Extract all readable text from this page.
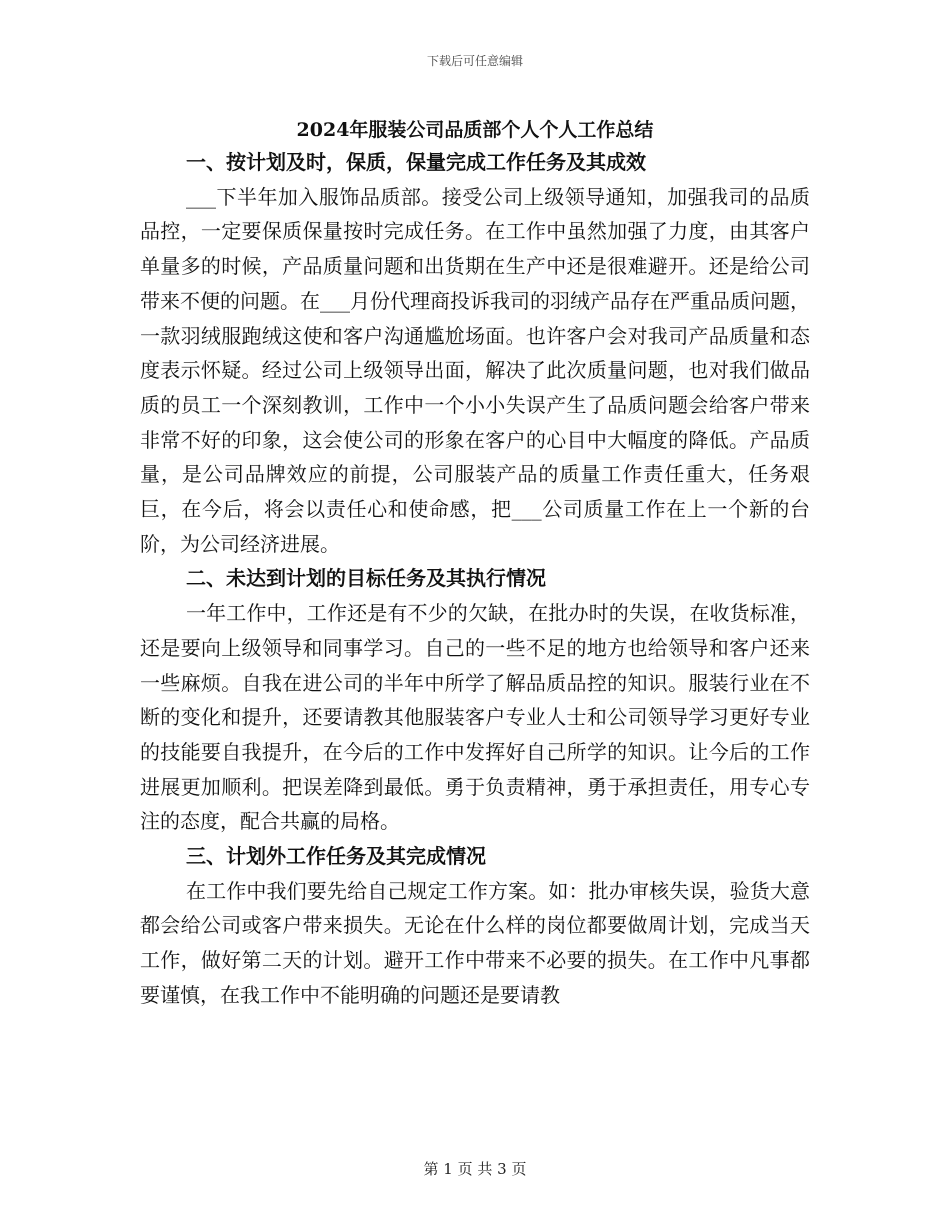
下载后可任意编辑
2024年服装公司品质部个人个人工作总结
一、按计划及时，保质，保量完成工作任务及其成效

___下半年加入服饰品质部。接受公司上级领导通知，加强我司的品质品控，一定要保质保量按时完成任务。在工作中虽然加强了力度，由其客户单量多的时候，产品质量问题和出货期在生产中还是很难避开。还是给公司带来不便的问题。在___月份代理商投诉我司的羽绒产品存在严重品质问题，一款羽绒服跑绒这使和客户沟通尴尬场面。也许客户会对我司产品质量和态度表示怀疑。经过公司上级领导出面，解决了此次质量问题，也对我们做品质的员工一个深刻教训，工作中一个小小失误产生了品质问题会给客户带来非常不好的印象，这会使公司的形象在客户的心目中大幅度的降低。产品质量，是公司品牌效应的前提，公司服装产品的质量工作责任重大，任务艰巨，在今后，将会以责任心和使命感，把___公司质量工作在上一个新的台阶，为公司经济进展。

二、未达到计划的目标任务及其执行情况

一年工作中，工作还是有不少的欠缺，在批办时的失误，在收货标准，还是要向上级领导和同事学习。自己的一些不足的地方也给领导和客户还来一些麻烦。自我在进公司的半年中所学了解品质品控的知识。服装行业在不断的变化和提升，还要请教其他服装客户专业人士和公司领导学习更好专业的技能要自我提升，在今后的工作中发挥好自己所学的知识。让今后的工作进展更加顺利。把误差降到最低。勇于负责精神，勇于承担责任，用专心专注的态度，配合共赢的局格。

三、计划外工作任务及其完成情况

在工作中我们要先给自己规定工作方案。如：批办审核失误，验货大意都会给公司或客户带来损失。无论在什么样的岗位都要做周计划，完成当天工作，做好第二天的计划。避开工作中带来不必要的损失。在工作中凡事都要谨慎，在我工作中不能明确的问题还是要请教

第 1 页 共 3 页
